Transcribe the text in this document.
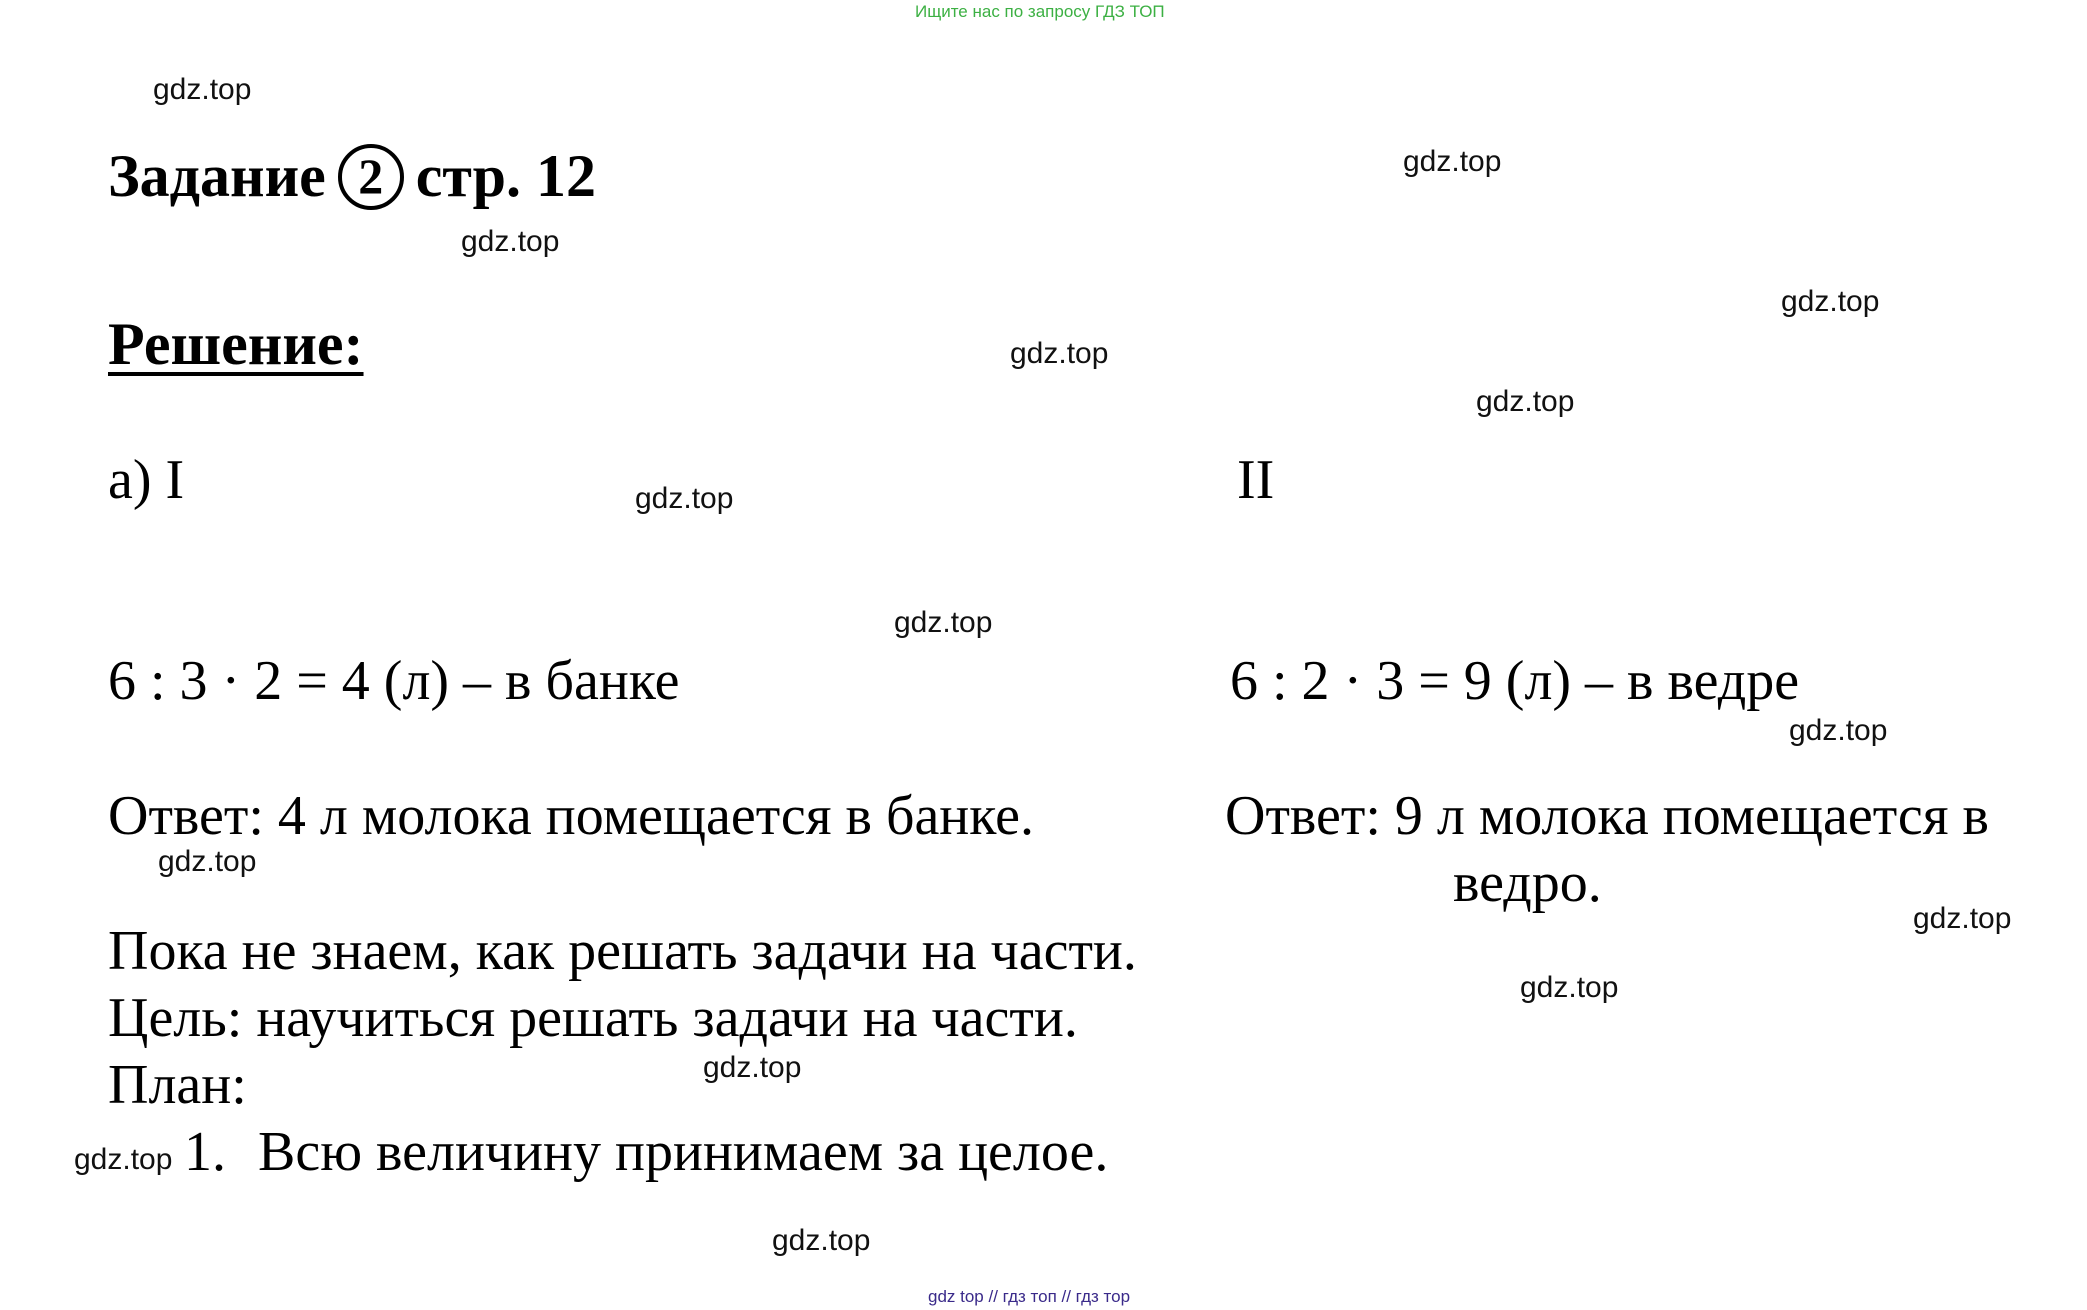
Ищите нас по запросу ГДЗ ТОП
gdz.top
gdz.top
gdz.top
gdz.top
gdz.top
gdz.top
gdz.top
gdz.top
gdz.top
gdz.top
gdz.top
gdz.top
gdz.top
gdz.top
gdz.top
Задание 2 стр. 12
Решение:
а) I	II
6 : 3 · 2 = 4 (л) – в банке	6 : 2 · 3 = 9 (л) – в ведре
Ответ: 4 л молока помещается в банке.	Ответ: 9 л молока помещается в
ведро.
Пока не знаем, как решать задачи на части.
Цель: научиться решать задачи на части.
План:
1. Всю величину принимаем за целое.
gdz top // гдз топ // гдз тор
